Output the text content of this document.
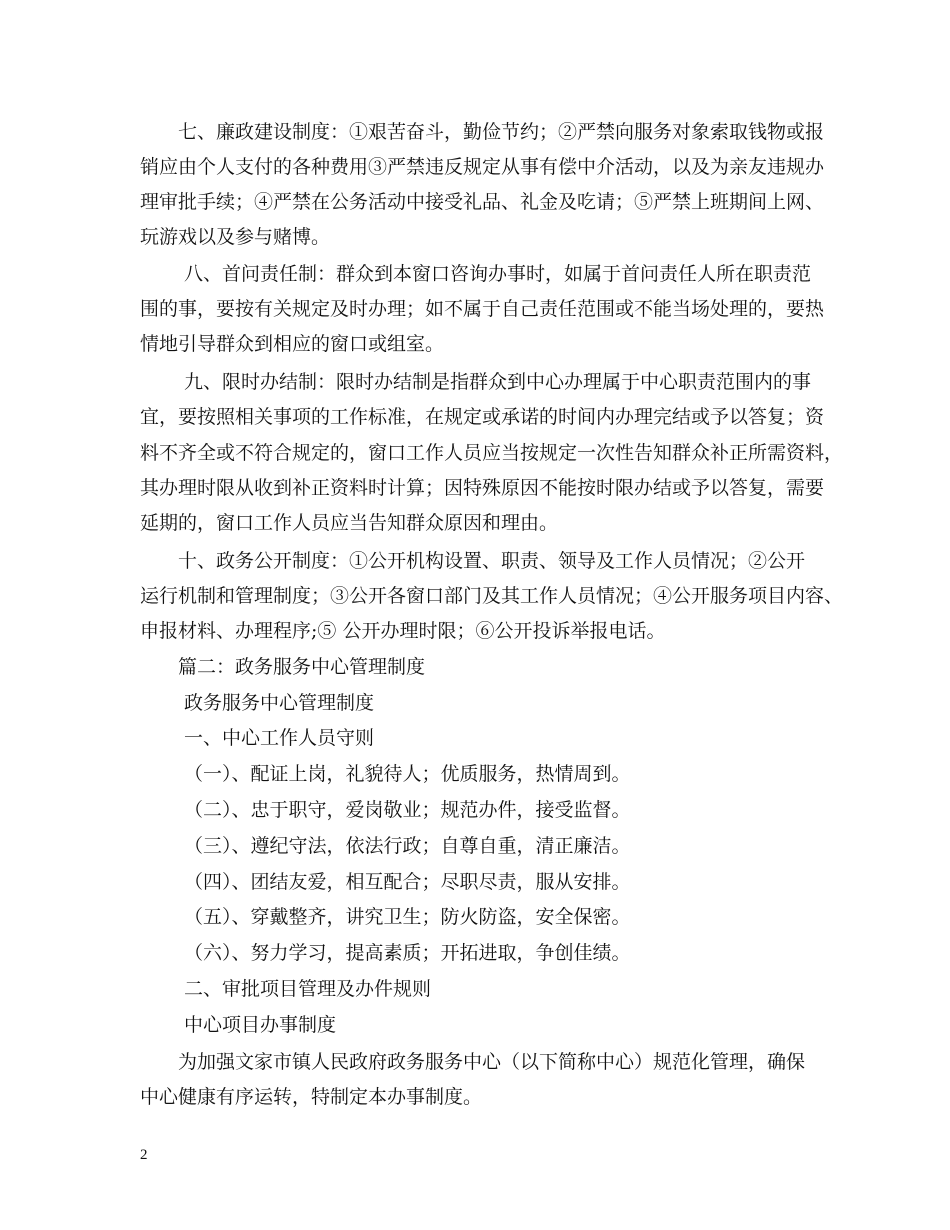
　　七、廉政建设制度：①艰苦奋斗，勤俭节约；②严禁向服务对象索取钱物或报
销应由个人支付的各种费用③严禁违反规定从事有偿中介活动，以及为亲友违规办
理审批手续；④严禁在公务活动中接受礼品、礼金及吃请；⑤严禁上班期间上网、
玩游戏以及参与赌博。
　　 八、首问责任制：群众到本窗口咨询办事时，如属于首问责任人所在职责范
围的事，要按有关规定及时办理；如不属于自己责任范围或不能当场处理的，要热
情地引导群众到相应的窗口或组室。
　　 九、限时办结制：限时办结制是指群众到中心办理属于中心职责范围内的事
宜，要按照相关事项的工作标准，在规定或承诺的时间内办理完结或予以答复；资
料不齐全或不符合规定的，窗口工作人员应当按规定一次性告知群众补正所需资料，
其办理时限从收到补正资料时计算；因特殊原因不能按时限办结或予以答复，需要
延期的，窗口工作人员应当告知群众原因和理由。
　　十、政务公开制度：①公开机构设置、职责、领导及工作人员情况；②公开
运行机制和管理制度；③公开各窗口部门及其工作人员情况；④公开服务项目内容、
申报材料、办理程序;⑤ 公开办理时限；⑥公开投诉举报电话。
　　篇二：政务服务中心管理制度
　　 政务服务中心管理制度
　　 一、中心工作人员守则
　　 （一）、配证上岗，礼貌待人；优质服务，热情周到。
　　 （二）、忠于职守，爱岗敬业；规范办件，接受监督。
　　 （三）、遵纪守法，依法行政；自尊自重，清正廉洁。
　　 （四）、团结友爱，相互配合；尽职尽责，服从安排。
　　 （五）、穿戴整齐，讲究卫生；防火防盗，安全保密。
　　 （六）、努力学习，提高素质；开拓进取，争创佳绩。
　　 二、审批项目管理及办件规则
　　 中心项目办事制度
　　为加强文家市镇人民政府政务服务中心（以下简称中心）规范化管理，确保
中心健康有序运转，特制定本办事制度。
2
